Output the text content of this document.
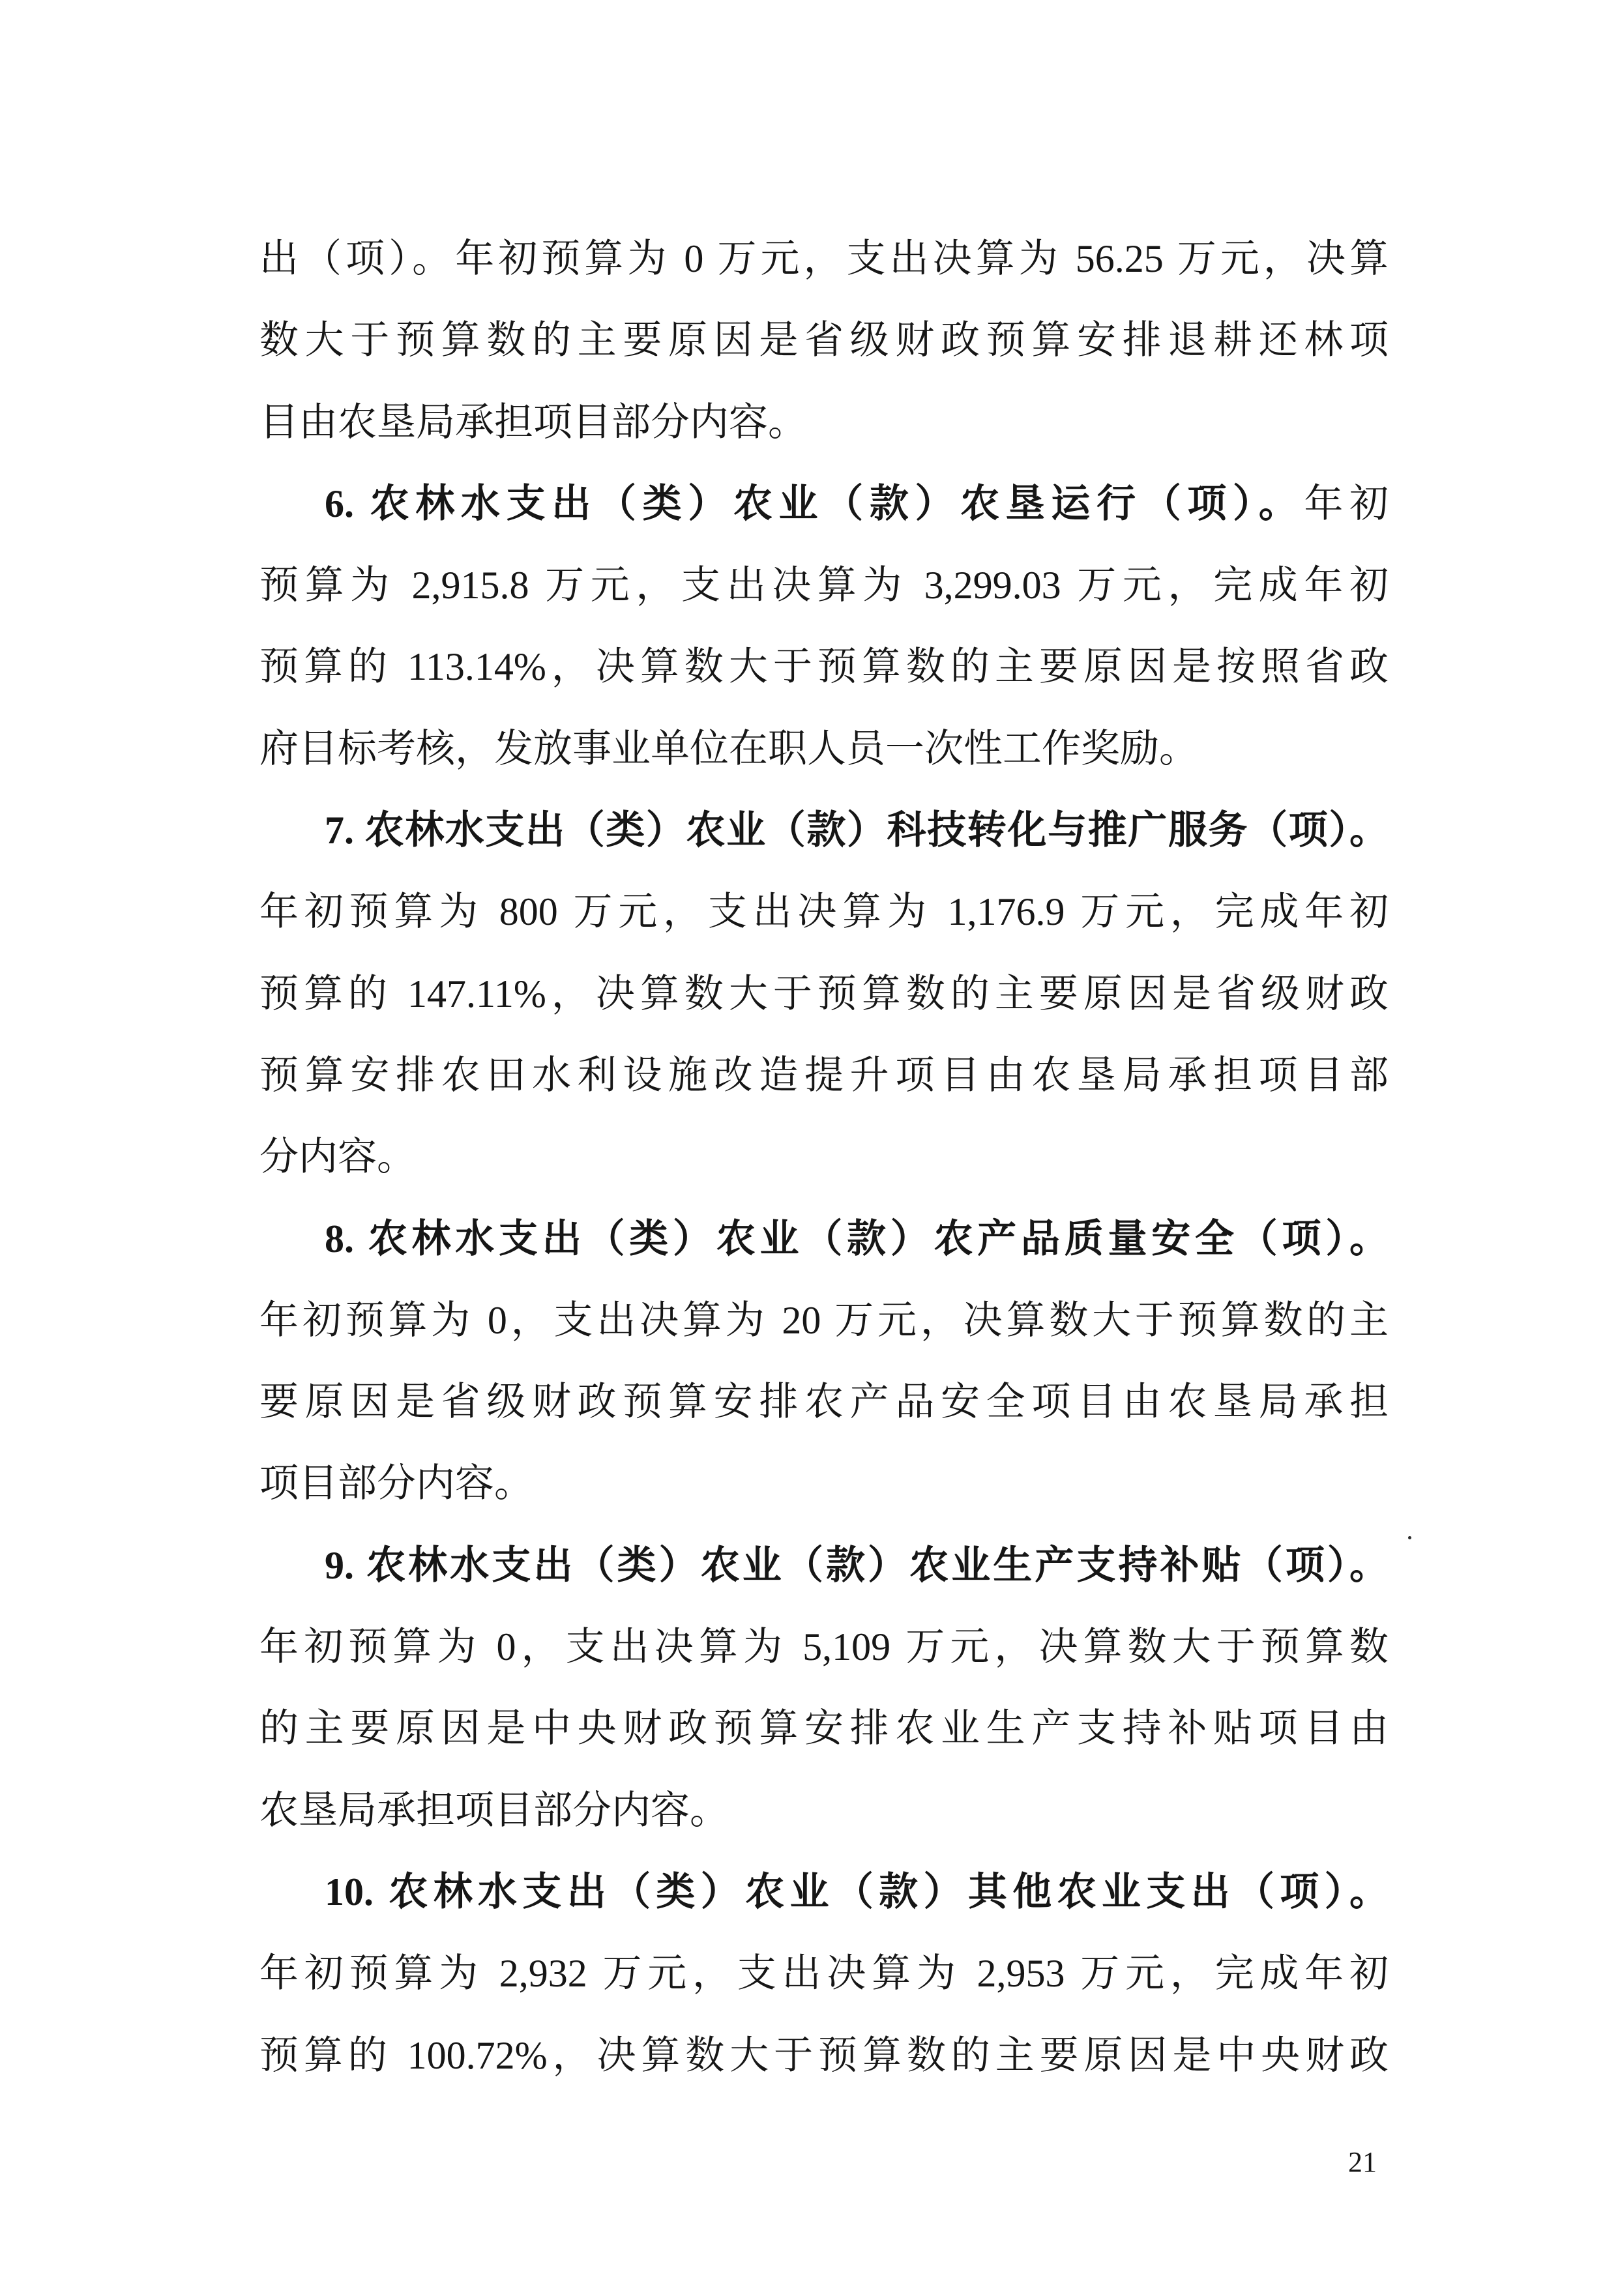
出（项）。年初预算为 0 万元，支出决算为 56.25 万元，决算
数大于预算数的主要原因是省级财政预算安排退耕还林项
目由农垦局承担项目部分内容。
6. 农林水支出（类）农业（款）农垦运行（项）。年初
预算为 2,915.8 万元，支出决算为 3,299.03 万元，完成年初
预算的 113.14%，决算数大于预算数的主要原因是按照省政
府目标考核，发放事业单位在职人员一次性工作奖励。
7. 农林水支出（类）农业（款）科技转化与推广服务（项）。
年初预算为 800 万元，支出决算为 1,176.9 万元，完成年初
预算的 147.11%，决算数大于预算数的主要原因是省级财政
预算安排农田水利设施改造提升项目由农垦局承担项目部
分内容。
8. 农林水支出（类）农业（款）农产品质量安全（项）。
年初预算为 0，支出决算为 20 万元，决算数大于预算数的主
要原因是省级财政预算安排农产品安全项目由农垦局承担
项目部分内容。
9. 农林水支出（类）农业（款）农业生产支持补贴（项）。
年初预算为 0，支出决算为 5,109 万元，决算数大于预算数
的主要原因是中央财政预算安排农业生产支持补贴项目由
农垦局承担项目部分内容。
10. 农林水支出（类）农业（款）其他农业支出（项）。
年初预算为 2,932 万元，支出决算为 2,953 万元，完成年初
预算的 100.72%，决算数大于预算数的主要原因是中央财政
21
